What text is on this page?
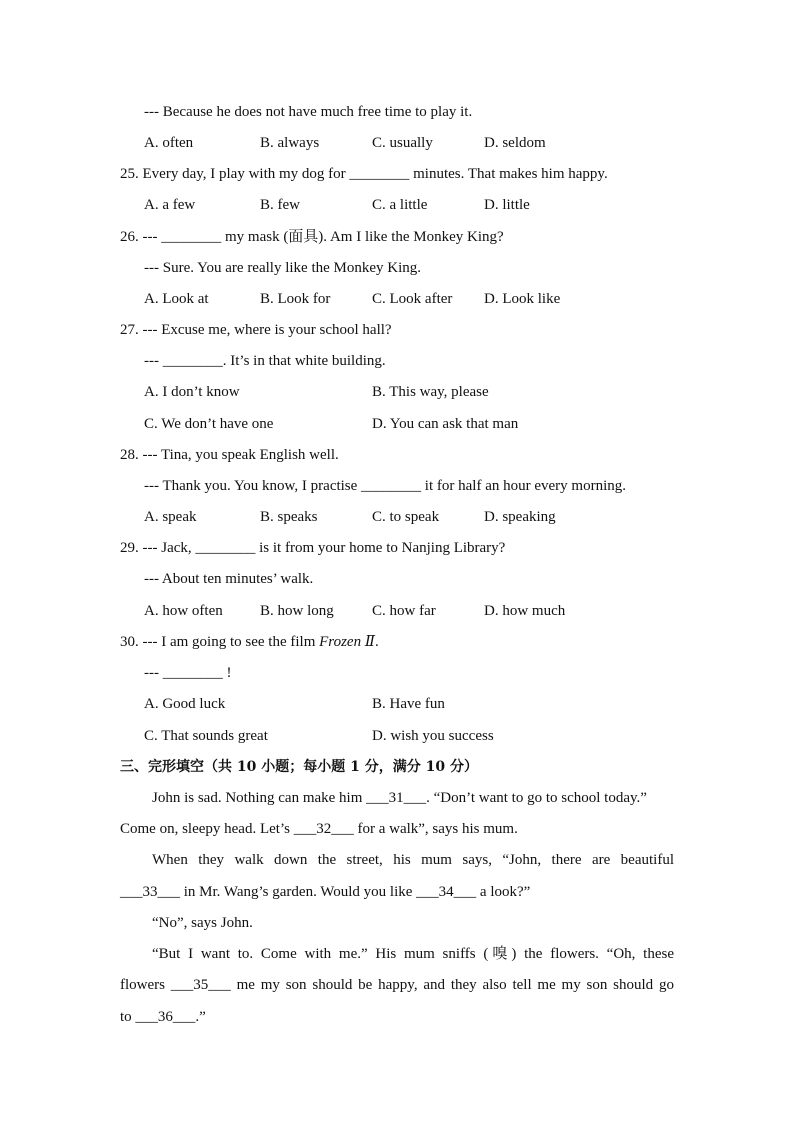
--- Because he does not have much free time to play it.
A. often	B. always	C. usually	D. seldom
25. Every day, I play with my dog for ________ minutes. That makes him happy.
A. a few	B. few	C. a little	D. little
26. --- ________ my mask (面具). Am I like the Monkey King?
--- Sure. You are really like the Monkey King.
A. Look at	B. Look for	C. Look after D. Look like
27. --- Excuse me, where is your school hall?
--- ________. It’s in that white building.
A. I don’t know	B. This way, please
C. We don’t have one	D. You can ask that man
28. --- Tina, you speak English well.
--- Thank you. You know, I practise ________ it for half an hour every morning.
A. speak	B. speaks	C. to speak	D. speaking
29. --- Jack, ________ is it from your home to Nanjing Library?
--- About ten minutes’ walk.
A. how often B. how long	C. how far	D. how much
30. --- I am going to see the film Frozen Ⅱ.
--- ________ !
A. Good luck	B. Have fun
C. That sounds great	D. wish you success
三、完形填空（共 10 小题；每小题 1 分，满分 10 分）
John is sad. Nothing can make him ___31___. “Don’t want to go to school today.”
Come on, sleepy head. Let’s ___32___ for a walk”, says his mum.
When they walk down the street, his mum says, “John, there are beautiful
___33___ in Mr. Wang’s garden. Would you like ___34___ a look?”
“No”, says John.
“But I want to. Come with me.” His mum sniffs (嗅) the flowers. “Oh, these
flowers ___35___ me my son should be happy, and they also tell me my son should go
to ___36___.”
